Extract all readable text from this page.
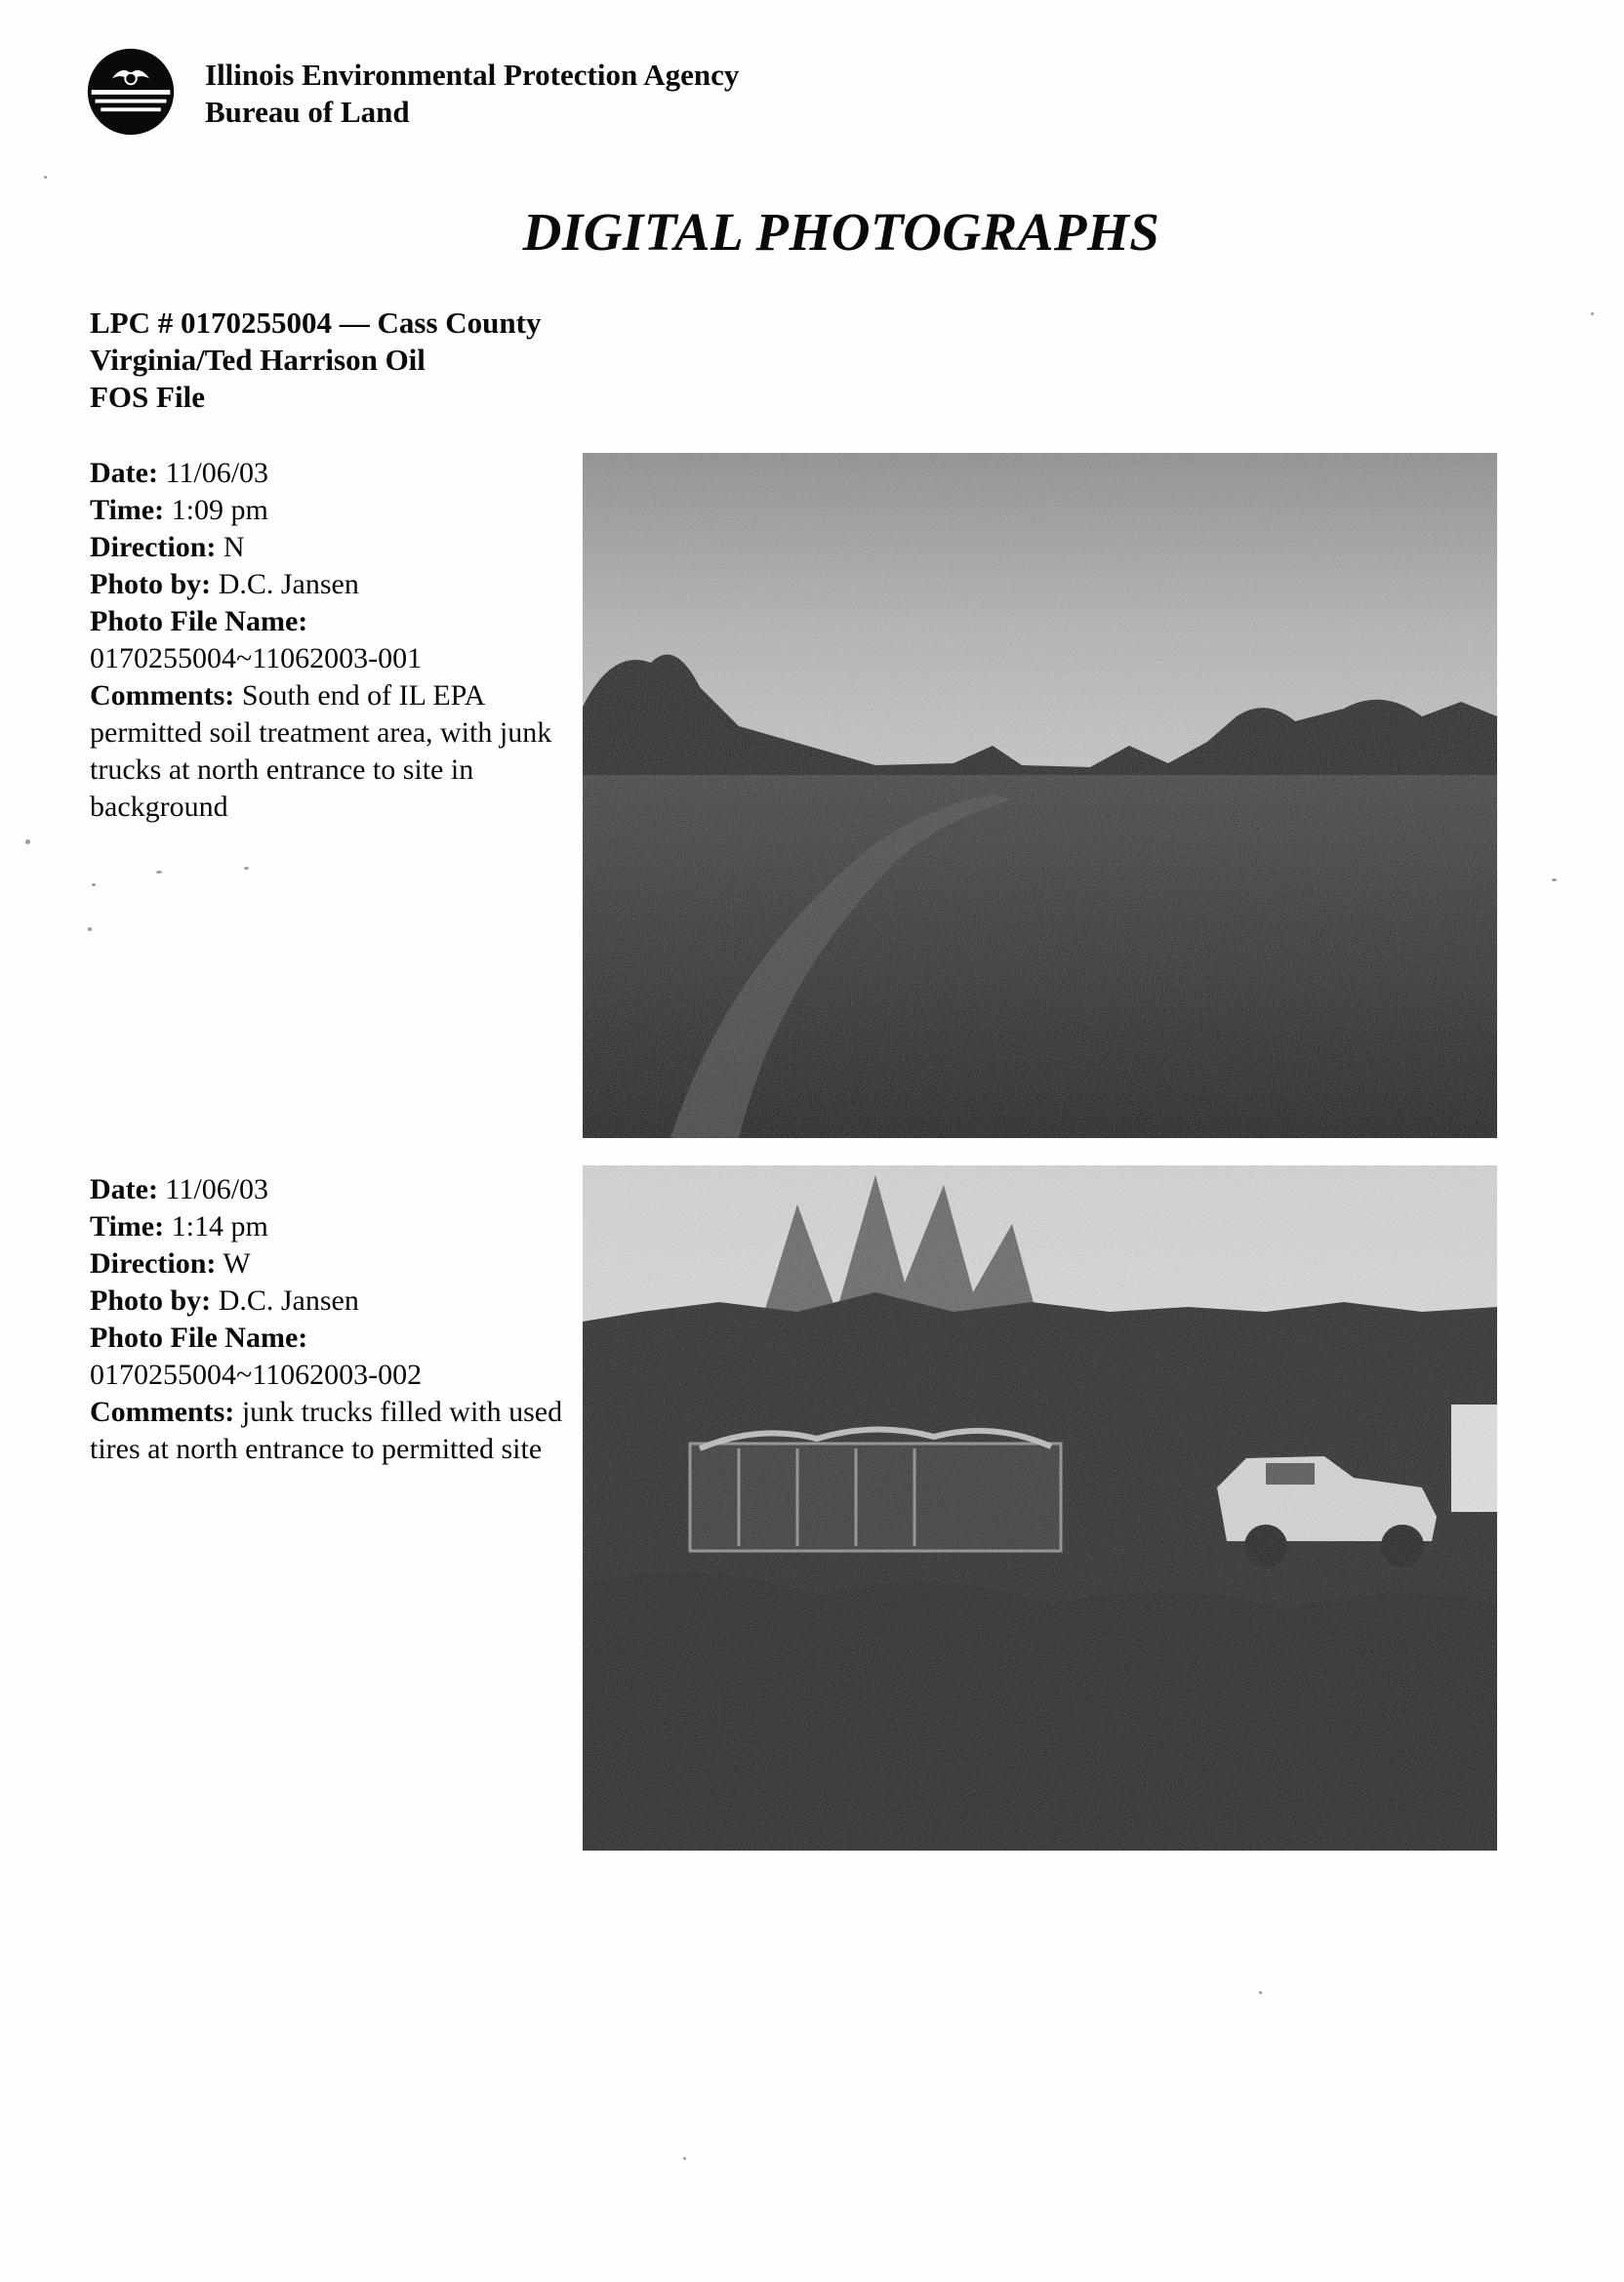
Illinois Environmental Protection Agency
Bureau of Land
DIGITAL PHOTOGRAPHS
LPC # 0170255004 — Cass County
Virginia/Ted Harrison Oil
FOS File
Date: 11/06/03
Time: 1:09 pm
Direction: N
Photo by: D.C. Jansen
Photo File Name:
0170255004~11062003-001
Comments: South end of IL EPA permitted soil treatment area, with junk trucks at north entrance to site in background
Date: 11/06/03
Time: 1:14 pm
Direction: W
Photo by: D.C. Jansen
Photo File Name:
0170255004~11062003-002
Comments: junk trucks filled with used tires at north entrance to permitted site
